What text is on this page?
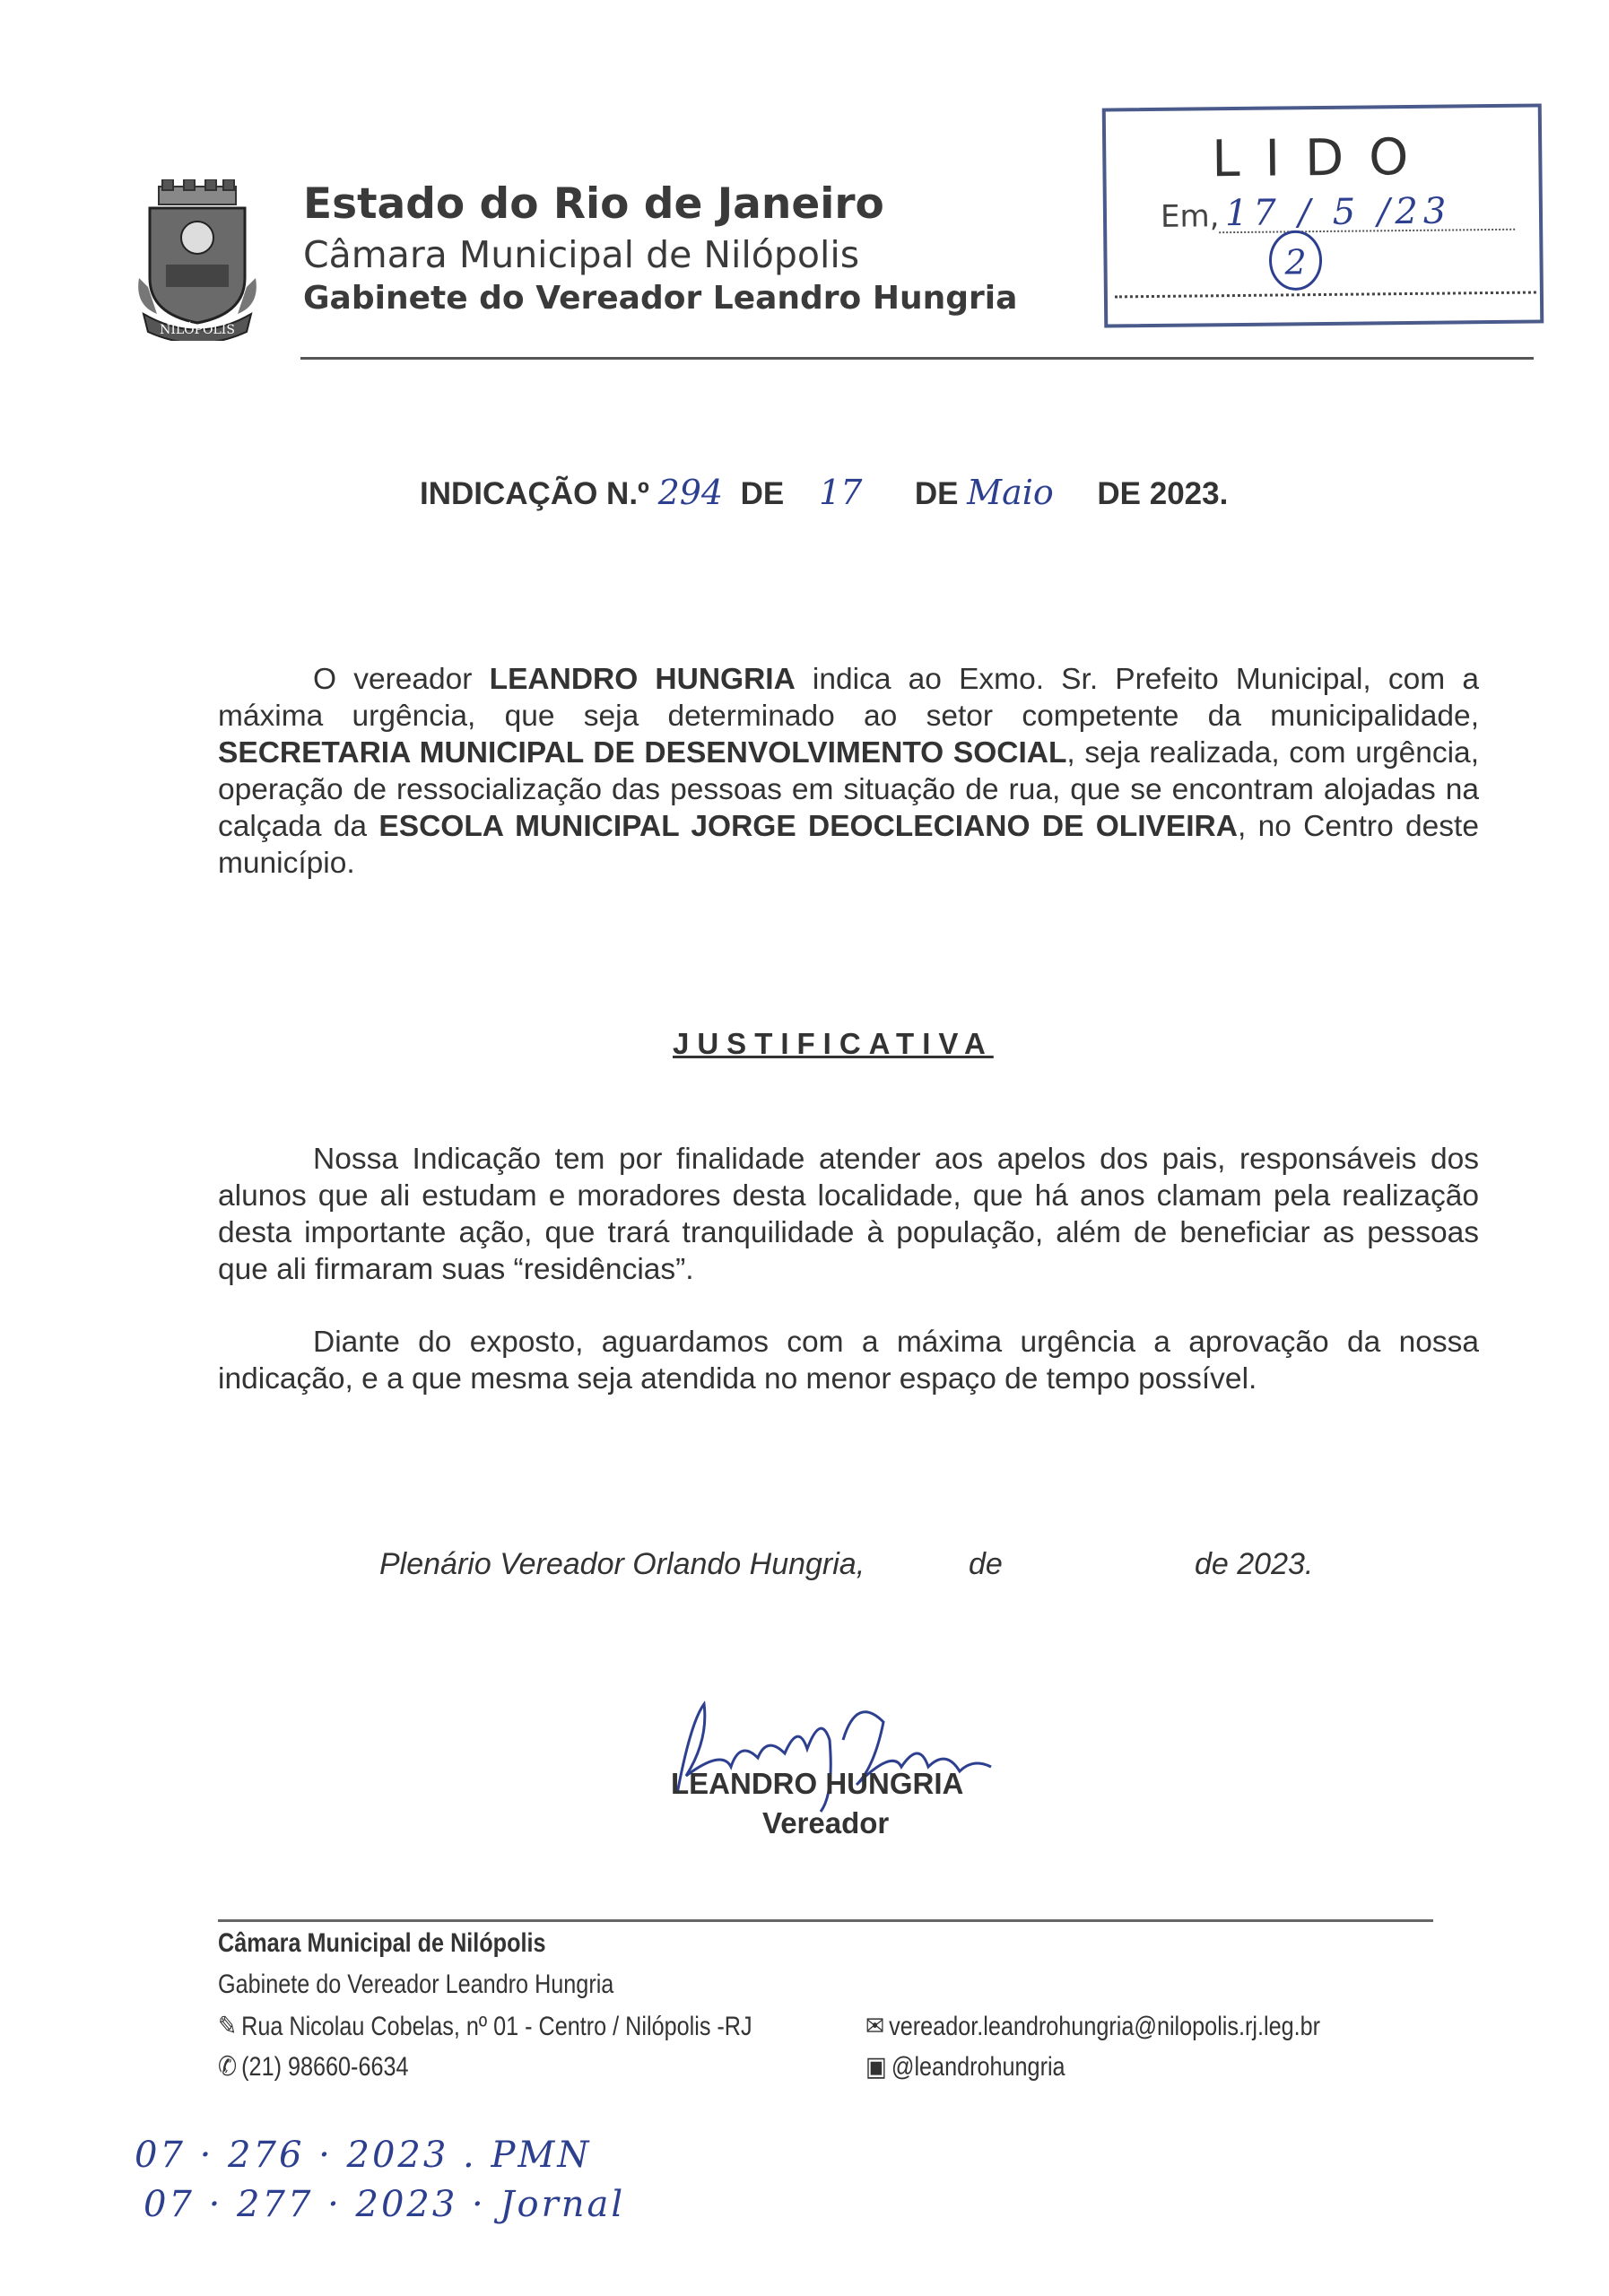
NILÓPOLIS
Estado do Rio de Janeiro
Câmara Municipal de Nilópolis
Gabinete do Vereador Leandro Hungria
LIDO
Em, 17 / 5 /23
2
INDICAÇÃO N.º 294 DE 17 DE Maio DE 2023.
O vereador LEANDRO HUNGRIA indica ao Exmo. Sr. Prefeito Municipal, com a máxima urgência, que seja determinado ao setor competente da municipalidade, SECRETARIA MUNICIPAL DE DESENVOLVIMENTO SOCIAL, seja realizada, com urgência, operação de ressocialização das pessoas em situação de rua, que se encontram alojadas na calçada da ESCOLA MUNICIPAL JORGE DEOCLECIANO DE OLIVEIRA, no Centro deste município.
JUSTIFICATIVA
Nossa Indicação tem por finalidade atender aos apelos dos pais, responsáveis dos alunos que ali estudam e moradores desta localidade, que há anos clamam pela realização desta importante ação, que trará tranquilidade à população, além de beneficiar as pessoas que ali firmaram suas “residências”.
Diante do exposto, aguardamos com a máxima urgência a aprovação da nossa indicação, e a que mesma seja atendida no menor espaço de tempo possível.
Plenário Vereador Orlando Hungria,	de	de 2023.
LEANDRO HUNGRIA
Vereador
Câmara Municipal de Nilópolis
Gabinete do Vereador Leandro Hungria
✎ Rua Nicolau Cobelas, nº 01 - Centro / Nilópolis -RJ
✆ (21) 98660-6634
✉ vereador.leandrohungria@nilopolis.rj.leg.br
▣ @leandrohungria
07 · 276 · 2023 . PMN
07 · 277 · 2023 · Jornal
